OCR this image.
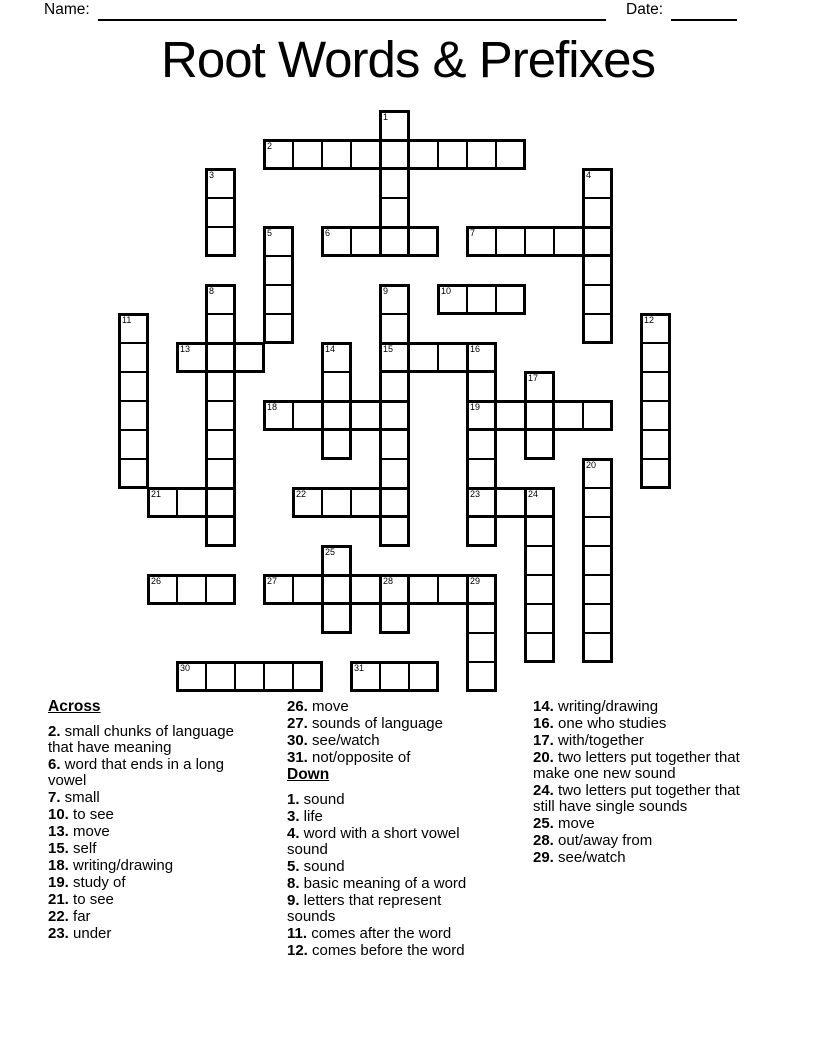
Name:	Date:
Root Words & Prefixes
1
2
3	4
5	6	7
8	9
15
10
11	12
13	14	16
19
23
17
18
20
21	22	24
25
26	27	28	29
30	31
Across
2. small chunks of language that have meaning
6. word that ends in a long vowel
7. small
10. to see
13. move
15. self
18. writing/drawing
19. study of
21. to see
22. far
23. under
26. move
27. sounds of language
30. see/watch
31. not/opposite of
Down
1. sound
3. life
4. word with a short vowel sound
5. sound
8. basic meaning of a word
9. letters that represent sounds
11. comes after the word
12. comes before the word
14. writing/drawing
16. one who studies
17. with/together
20. two letters put together that make one new sound
24. two letters put together that still have single sounds
25. move
28. out/away from
29. see/watch
